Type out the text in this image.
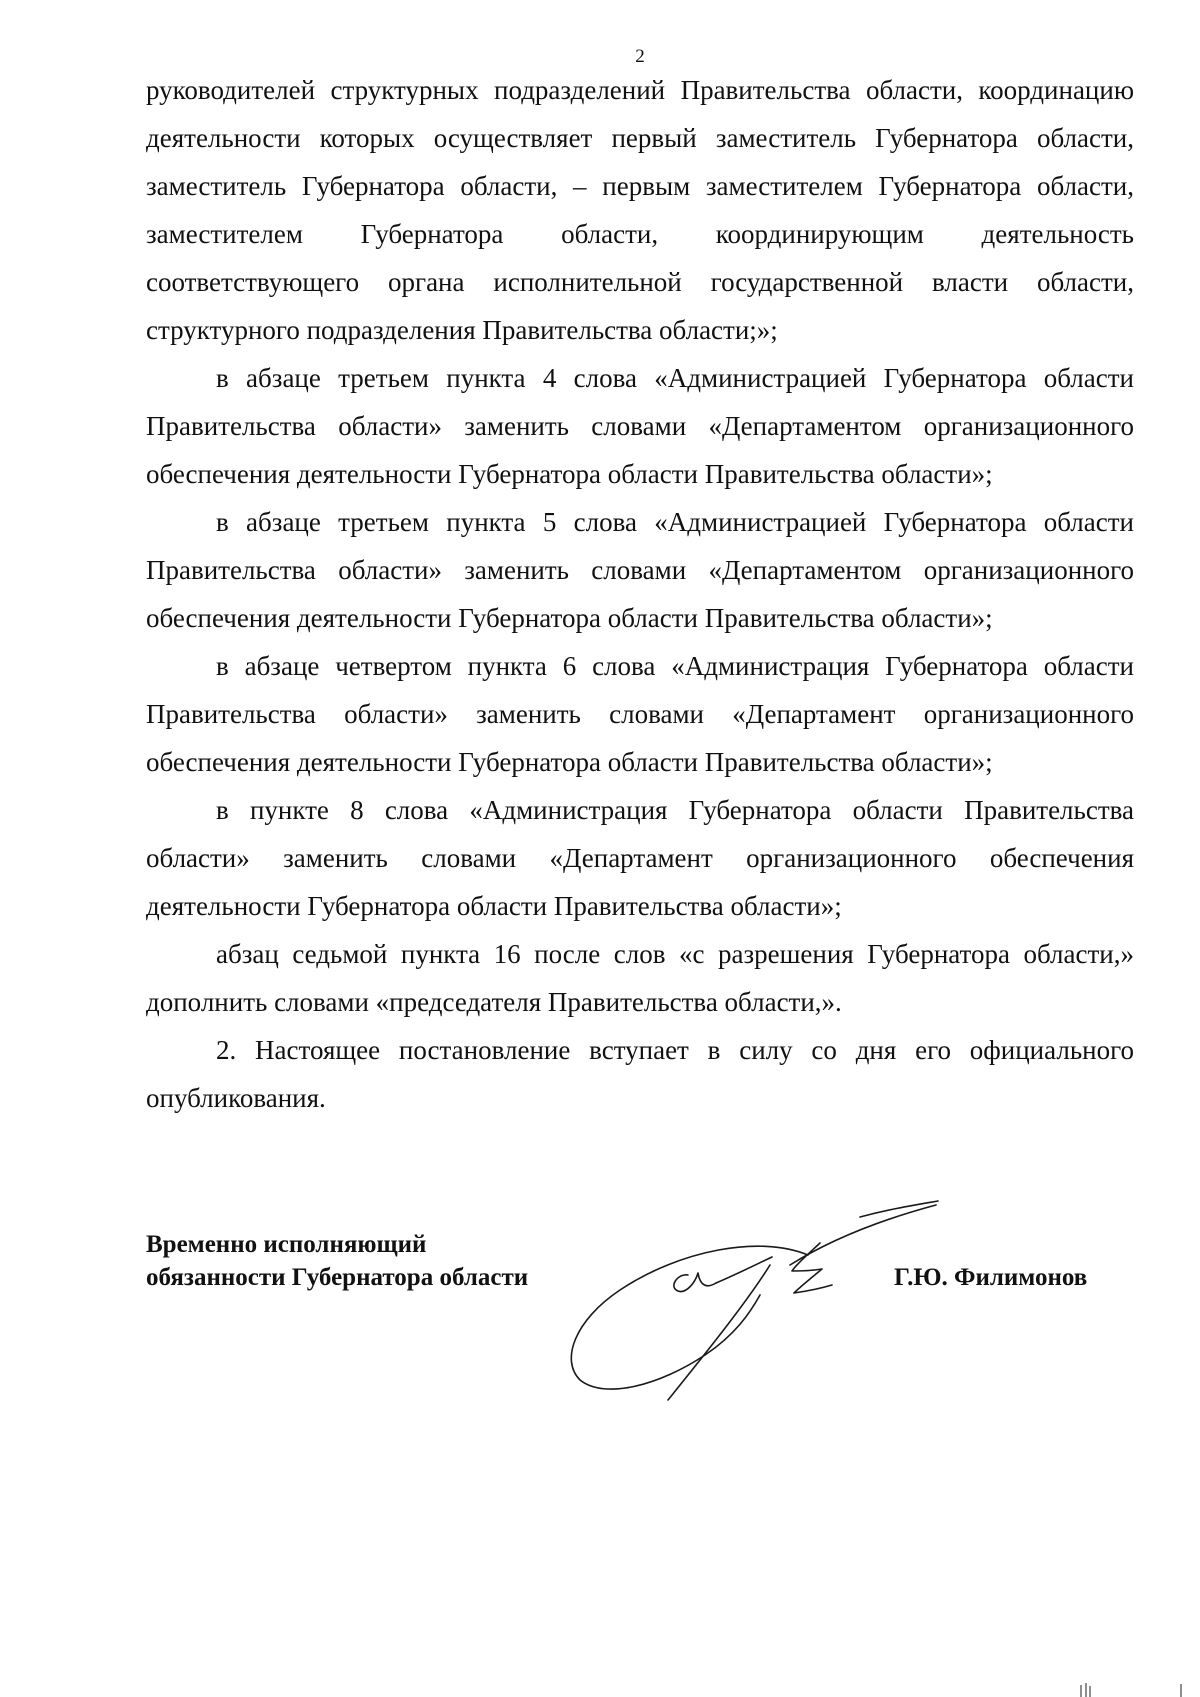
2

руководителей структурных подразделений Правительства области, координацию деятельности которых осуществляет первый заместитель Губернатора области, заместитель Губернатора области, – первым заместителем Губернатора области, заместителем Губернатора области, координирующим деятельность соответствующего органа исполнительной государственной власти области, структурного подразделения Правительства области;»;

в абзаце третьем пункта 4 слова «Администрацией Губернатора области Правительства области» заменить словами «Департаментом организационного обеспечения деятельности Губернатора области Правительства области»;

в абзаце третьем пункта 5 слова «Администрацией Губернатора области Правительства области» заменить словами «Департаментом организационного обеспечения деятельности Губернатора области Правительства области»;

в абзаце четвертом пункта 6 слова «Администрация Губернатора области Правительства области» заменить словами «Департамент организационного обеспечения деятельности Губернатора области Правительства области»;

в пункте 8 слова «Администрация Губернатора области Правительства области» заменить словами «Департамент организационного обеспечения деятельности Губернатора области Правительства области»;

абзац седьмой пункта 16 после слов «с разрешения Губернатора области,» дополнить словами «председателя Правительства области,».

2. Настоящее постановление вступает в силу со дня его официального опубликования.

Временно исполняющий
обязанности Губернатора области	Г.Ю. Филимонов
